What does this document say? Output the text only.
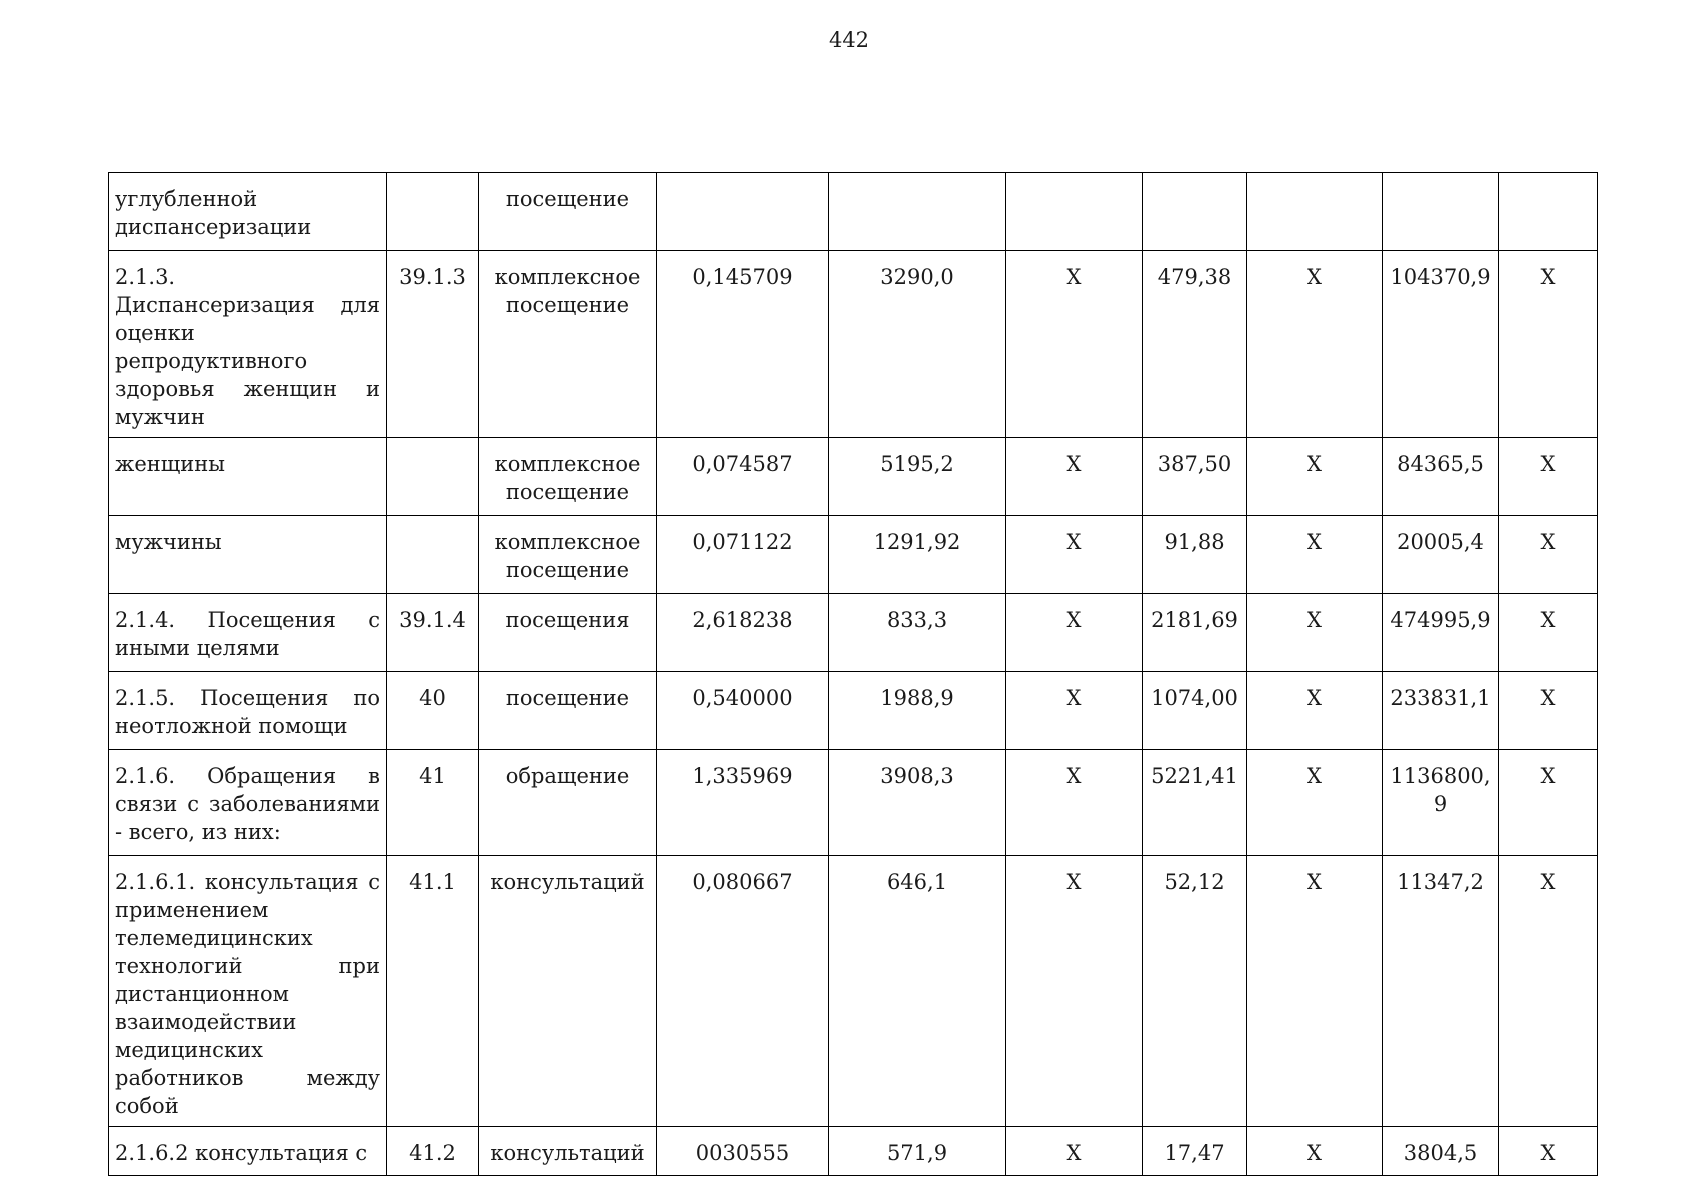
442
углубленной диспансеризации		посещение							
2.1.3. Диспансеризация для оценки репродуктивного здоровья женщин и мужчин	39.1.3	комплексное посещение	0,145709	3290,0	Х	479,38	Х	104370,9	Х
женщины		комплексное посещение	0,074587	5195,2	Х	387,50	Х	84365,5	Х
мужчины		комплексное посещение	0,071122	1291,92	Х	91,88	Х	20005,4	Х
2.1.4. Посещения с иными целями	39.1.4	посещения	2,618238	833,3	Х	2181,69	Х	474995,9	Х
2.1.5. Посещения по неотложной помощи	40	посещение	0,540000	1988,9	Х	1074,00	Х	233831,1	Х
2.1.6. Обращения в связи с заболеваниями - всего, из них:	41	обращение	1,335969	3908,3	Х	5221,41	Х	1136800,9	Х
2.1.6.1. консультация с применением телемедицинских технологий при дистанционном взаимодействии медицинских работников между собой	41.1	консультаций	0,080667	646,1	Х	52,12	Х	11347,2	Х
2.1.6.2 консультация с	41.2	консультаций	0030555	571,9	Х	17,47	Х	3804,5	Х
